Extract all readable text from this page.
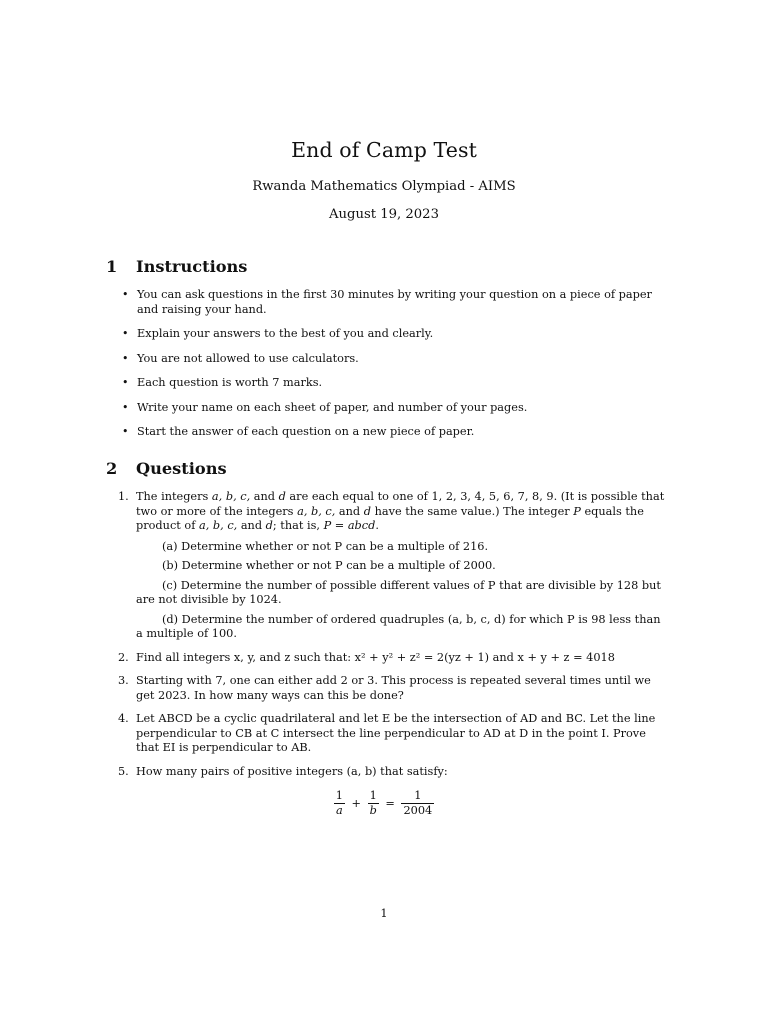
End of Camp Test
Rwanda Mathematics Olympiad - AIMS
August 19, 2023
1 Instructions
• You can ask questions in the first 30 minutes by writing your question on a piece of paper and raising your hand.
• Explain your answers to the best of you and clearly.
• You are not allowed to use calculators.
• Each question is worth 7 marks.
• Write your name on each sheet of paper, and number of your pages.
• Start the answer of each question on a new piece of paper.
2 Questions
1. The integers a, b, c, and d are each equal to one of 1, 2, 3, 4, 5, 6, 7, 8, 9. (It is possible that two or more of the integers a, b, c, and d have the same value.) The integer P equals the product of a, b, c, and d; that is, P = abcd.
(a) Determine whether or not P can be a multiple of 216.
(b) Determine whether or not P can be a multiple of 2000.
(c) Determine the number of possible different values of P that are divisible by 128 but are not divisible by 1024.
(d) Determine the number of ordered quadruples (a, b, c, d) for which P is 98 less than a multiple of 100.
2. Find all integers x, y, and z such that: x² + y² + z² = 2(yz + 1) and x + y + z = 4018
3. Starting with 7, one can either add 2 or 3. This process is repeated several times until we get 2023. In how many ways can this be done?
4. Let ABCD be a cyclic quadrilateral and let E be the intersection of AD and BC. Let the line perpendicular to CB at C intersect the line perpendicular to AD at D in the point I. Prove that EI is perpendicular to AB.
5. How many pairs of positive integers (a, b) that satisfy:
$\frac{1}{a} + \frac{1}{b} = \frac{1}{2004}$
1
